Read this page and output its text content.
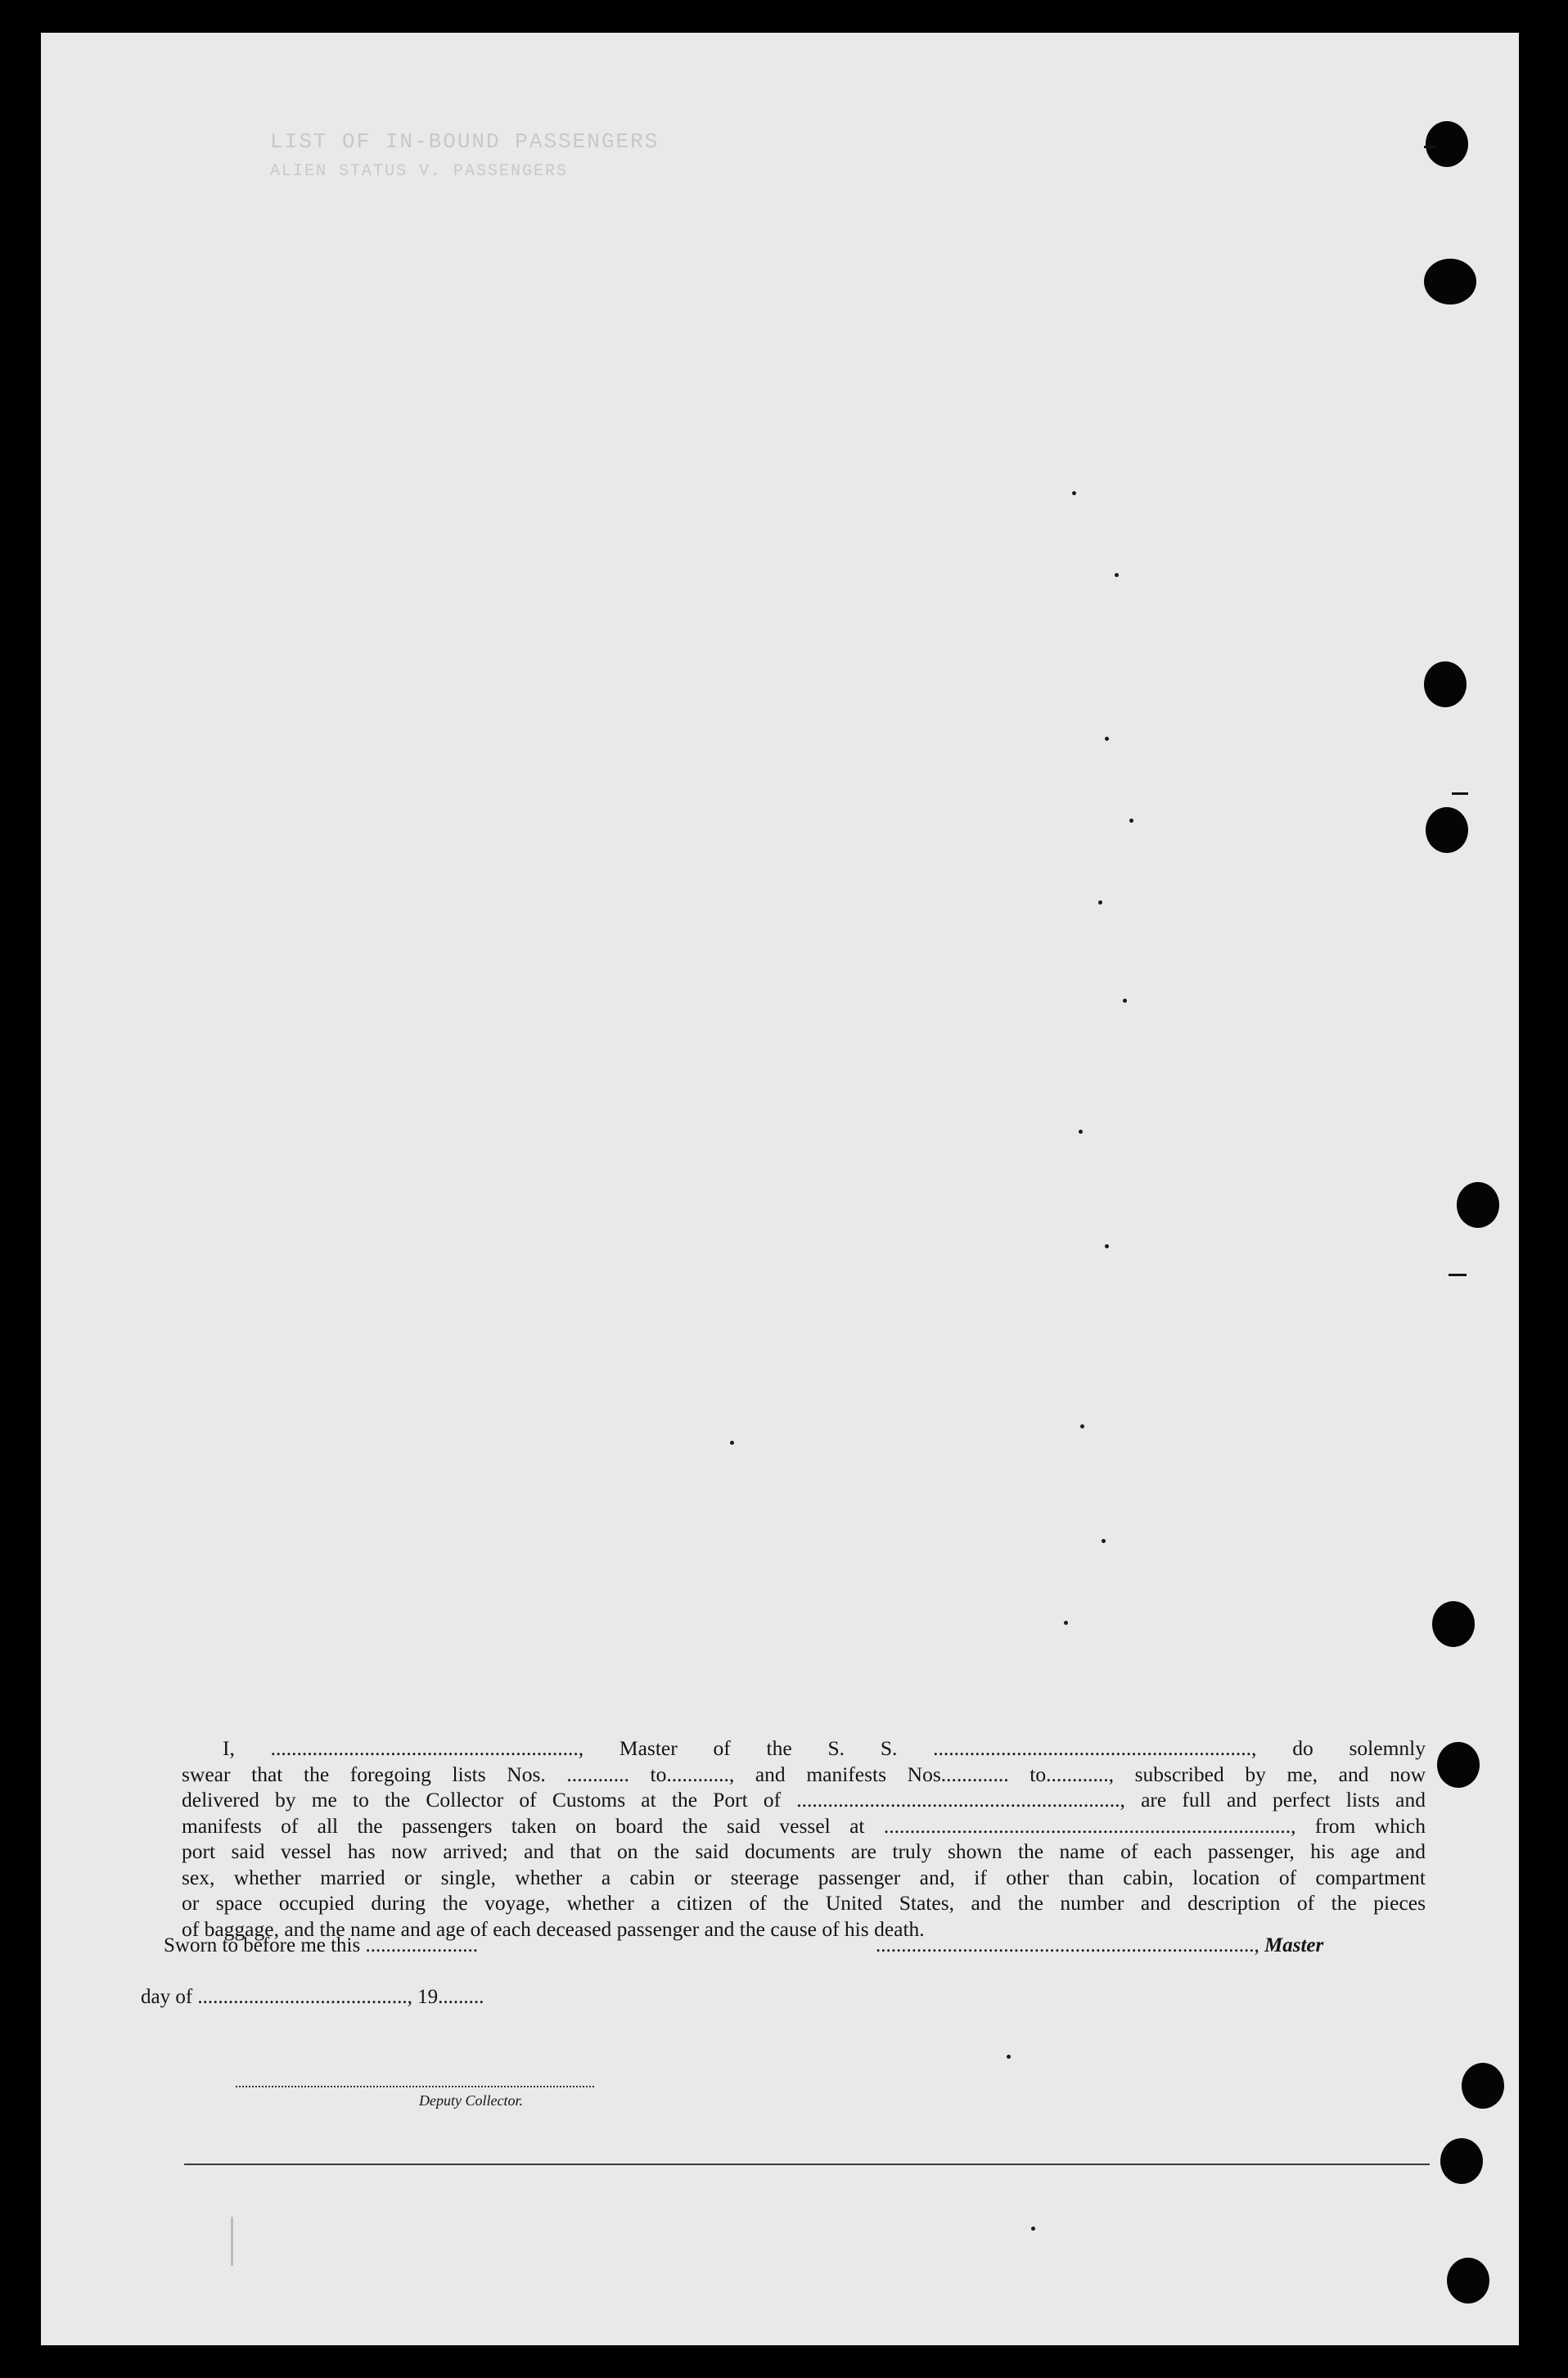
LIST OF IN-BOUND PASSENGERS
ALIEN STATUS V. PASSENGERS
I, ..........................................................., Master of the S. S. ............................................................., do solemnly
swear that the foregoing lists Nos. ............ to............, and manifests Nos............. to............, subscribed by me, and now
delivered by me to the Collector of Customs at the Port of .............................................................., are full and perfect lists and
manifests of all the passengers taken on board the said vessel at .............................................................................., from which
port said vessel has now arrived; and that on the said documents are truly shown the name of each passenger, his age and
sex, whether married or single, whether a cabin or steerage passenger and, if other than cabin, location of compartment
or space occupied during the voyage, whether a citizen of the United States, and the number and description of the pieces
of baggage, and the name and age of each deceased passenger and the cause of his death.
Sworn to before me this ......................	.........................................................................., Master
day of ........................................., 19.........
Deputy Collector.
